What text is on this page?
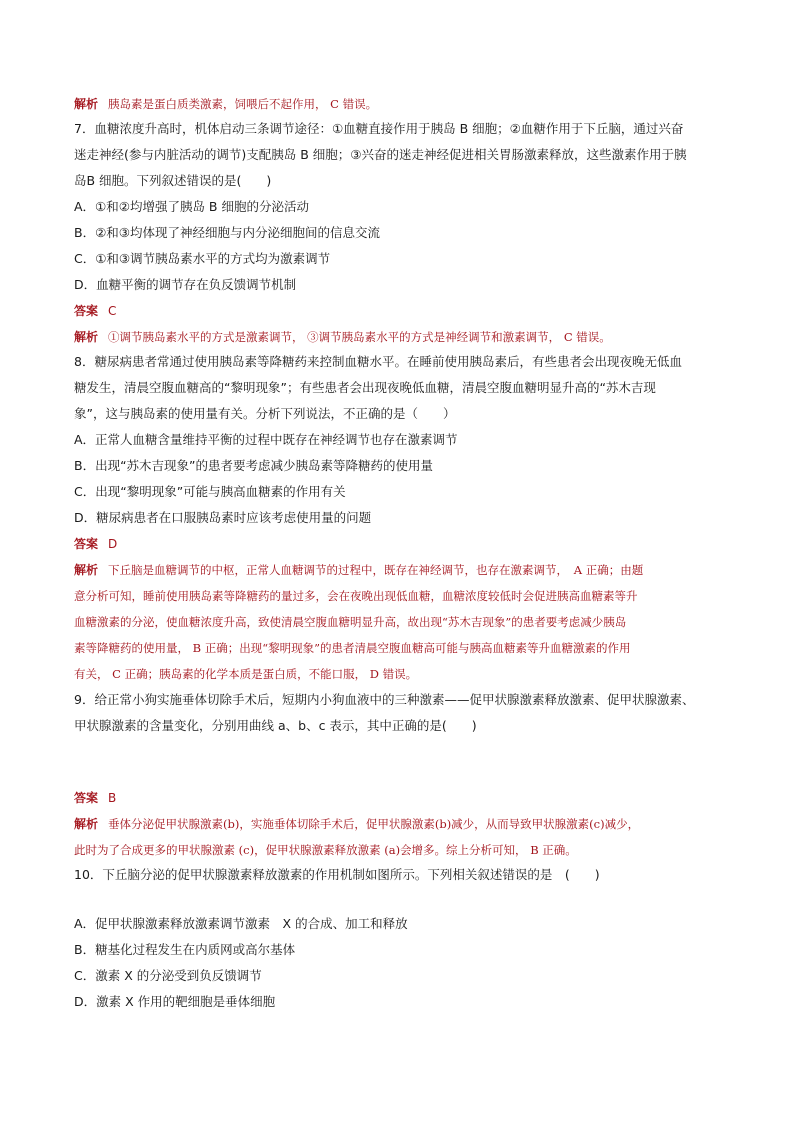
解析 胰岛素是蛋白质类激素，饲喂后不起作用， C 错误。
7．血糖浓度升高时，机体启动三条调节途径：①血糖直接作用于胰岛 B 细胞；②血糖作用于下丘脑，通过兴奋
迷走神经(参与内脏活动的调节)支配胰岛 B 细胞；③兴奋的迷走神经促进相关胃肠激素释放，这些激素作用于胰
岛B 细胞。下列叙述错误的是(　　)
A．①和②均增强了胰岛 B 细胞的分泌活动
B．②和③均体现了神经细胞与内分泌细胞间的信息交流
C．①和③调节胰岛素水平的方式均为激素调节
D．血糖平衡的调节存在负反馈调节机制
答案 C
解析 ①调节胰岛素水平的方式是激素调节， ③调节胰岛素水平的方式是神经调节和激素调节， C 错误。
8．糖尿病患者常通过使用胰岛素等降糖药来控制血糖水平。在睡前使用胰岛素后，有些患者会出现夜晚无低血
糖发生，清晨空腹血糖高的“黎明现象”；有些患者会出现夜晚低血糖，清晨空腹血糖明显升高的“苏木吉现
象”，这与胰岛素的使用量有关。分析下列说法，不正确的是（　　）
A．正常人血糖含量维持平衡的过程中既存在神经调节也存在激素调节
B．出现“苏木吉现象”的患者要考虑减少胰岛素等降糖药的使用量
C．出现“黎明现象”可能与胰高血糖素的作用有关
D．糖尿病患者在口服胰岛素时应该考虑使用量的问题
答案 D
解析 下丘脑是血糖调节的中枢，正常人血糖调节的过程中，既存在神经调节，也存在激素调节，　A 正确；由题
意分析可知，睡前使用胰岛素等降糖药的量过多，会在夜晚出现低血糖，血糖浓度较低时会促进胰高血糖素等升
血糖激素的分泌，使血糖浓度升高，致使清晨空腹血糖明显升高，故出现“苏木吉现象”的患者要考虑减少胰岛
素等降糖药的使用量， B 正确；出现“黎明现象”的患者清晨空腹血糖高可能与胰高血糖素等升血糖激素的作用
有关， C 正确；胰岛素的化学本质是蛋白质，不能口服， D 错误。
9．给正常小狗实施垂体切除手术后，短期内小狗血液中的三种激素——促甲状腺激素释放激素、促甲状腺激素、
甲状腺激素的含量变化，分别用曲线 a、b、c 表示，其中正确的是(　　)
答案 B
解析 垂体分泌促甲状腺激素(b)，实施垂体切除手术后，促甲状腺激素(b)减少，从而导致甲状腺激素(c)减少，
此时为了合成更多的甲状腺激素 (c)，促甲状腺激素释放激素 (a)会增多。综上分析可知， B 正确。
10．下丘脑分泌的促甲状腺激素释放激素的作用机制如图所示。下列相关叙述错误的是　(　　)
A．促甲状腺激素释放激素调节激素　X 的合成、加工和释放
B．糖基化过程发生在内质网或高尔基体
C．激素 X 的分泌受到负反馈调节
D．激素 X 作用的靶细胞是垂体细胞
